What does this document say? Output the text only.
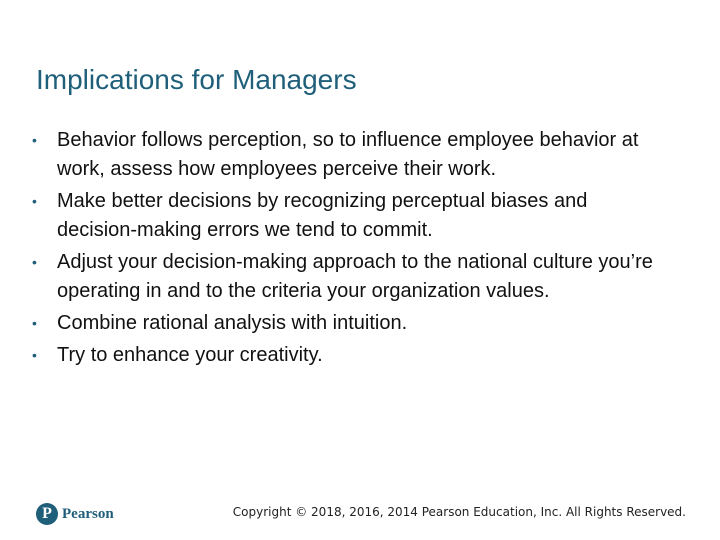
Implications for Managers
• Behavior follows perception, so to influence employee behavior at work, assess how employees perceive their work.
• Make better decisions by recognizing perceptual biases and decision-making errors we tend to commit.
• Adjust your decision-making approach to the national culture you’re operating in and to the criteria your organization values.
• Combine rational analysis with intuition.
• Try to enhance your creativity.
P Pearson	Copyright © 2018, 2016, 2014 Pearson Education, Inc. All Rights Reserved.
